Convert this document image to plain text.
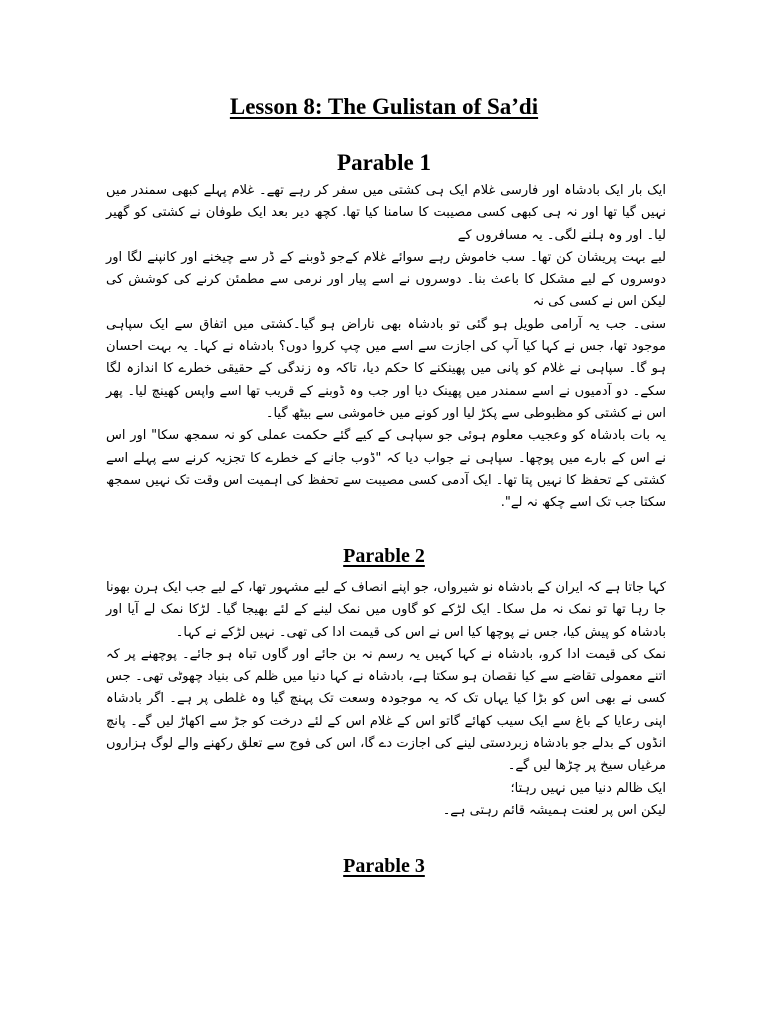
Lesson 8: The Gulistan of Sa’di
Parable 1

ایک بار ایک بادشاہ اور فارسی غلام ایک ہی کشتی میں سفر کر رہے تھے۔ غلام پہلے کبھی سمندر میں نہیں گیا تھا اور نہ ہی کبھی کسی مصیبت کا سامنا کیا تھا. کچھ دیر بعد ایک طوفان نے کشتی کو گھیر لیا۔ اور وہ ہلنے لگی۔ یہ مسافروں کے

لیے بہت پریشان کن تھا۔ سب خاموش رہے سوائے غلام کےجو ڈوبنے کے ڈر سے چیخنے اور کانپنے لگا اور دوسروں کے لیے مشکل کا باعث بنا۔ دوسروں نے اسے پیار اور نرمی سے مطمئن کرنے کی کوشش کی لیکن اس نے کسی کی نہ

سنی۔ جب یہ آرامی طویل ہو گئی تو بادشاہ بھی ناراض ہو گیا۔کشتی میں اتفاق سے ایک سپاہی موجود تھا، جس نے کہا کیا آپ کی اجازت سے اسے میں چپ کروا دوں؟ بادشاہ نے کہا۔ یہ بہت احسان ہو گا۔ سپاہی نے غلام کو پانی میں پھینکنے کا حکم دیا، تاکہ وہ زندگی کے حقیقی خطرے کا اندازہ لگا سکے۔ دو آدمیوں نے اسے سمندر میں پھینک دیا اور جب وہ ڈوبنے کے قریب تھا اسے واپس کھینچ لیا۔ پھر اس نے کشتی کو مظبوطی سے پکڑ لیا اور کونے میں خاموشی سے بیٹھ گیا۔

یہ بات بادشاہ کو وعجیب معلوم ہوئی جو سپاہی کے کیے گئے حکمت عملی کو نہ سمجھ سکا" اور اس نے اس کے بارے میں پوچھا۔ سپاہی نے جواب دیا کہ "ڈوب جانے کے خطرے کا تجزیہ کرنے سے پہلے اسے کشتی کے تحفظ کا نہیں پتا تھا۔ ایک آدمی کسی مصیبت سے تحفظ کی اہمیت اس وقت تک نہیں سمجھ سکتا جب تک اسے چکھ نہ لے".

Parable 2

کہا جاتا ہے کہ ایران کے بادشاہ نو شیرواں، جو اپنے انصاف کے لیے مشہور تھا، کے لیے جب ایک ہرن بھونا جا رہا تھا تو نمک نہ مل سکا۔ ایک لڑکے کو گاوں میں نمک لینے کے لئے بھیجا گیا۔ لڑکا نمک لے آیا اور بادشاہ کو پیش کیا، جس نے پوچھا کیا اس نے اس کی قیمت ادا کی تھی۔ نہیں لڑکے نے کہا۔

نمک کی قیمت ادا کرو، بادشاہ نے کہا کہیں یہ رسم نہ بن جائے اور گاوں تباہ ہو جائے۔ پوچھنے پر کہ اتنے معمولی تقاضے سے کیا نقصان ہو سکتا ہے، بادشاہ نے کہا دنیا میں ظلم کی بنیاد چھوٹی تھی۔ جس کسی نے بھی اس کو بڑا کیا یہاں تک کہ یہ موجودہ وسعت تک پہنچ گیا وہ غلطی پر ہے۔ اگر بادشاہ اپنی رعایا کے باغ سے ایک سیب کھائے گاتو اس کے غلام اس کے لئے درخت کو جڑ سے اکھاڑ لیں گے۔ پانچ انڈوں کے بدلے جو بادشاہ زبردستی لینے کی اجازت دے گا، اس کی فوج سے تعلق رکھنے والے لوگ ہزاروں مرغیاں سیخ پر چڑھا لیں گے۔

ایک ظالم دنیا میں نہیں رہتا؛

لیکن اس پر لعنت ہمیشہ قائم رہتی ہے۔

Parable 3
